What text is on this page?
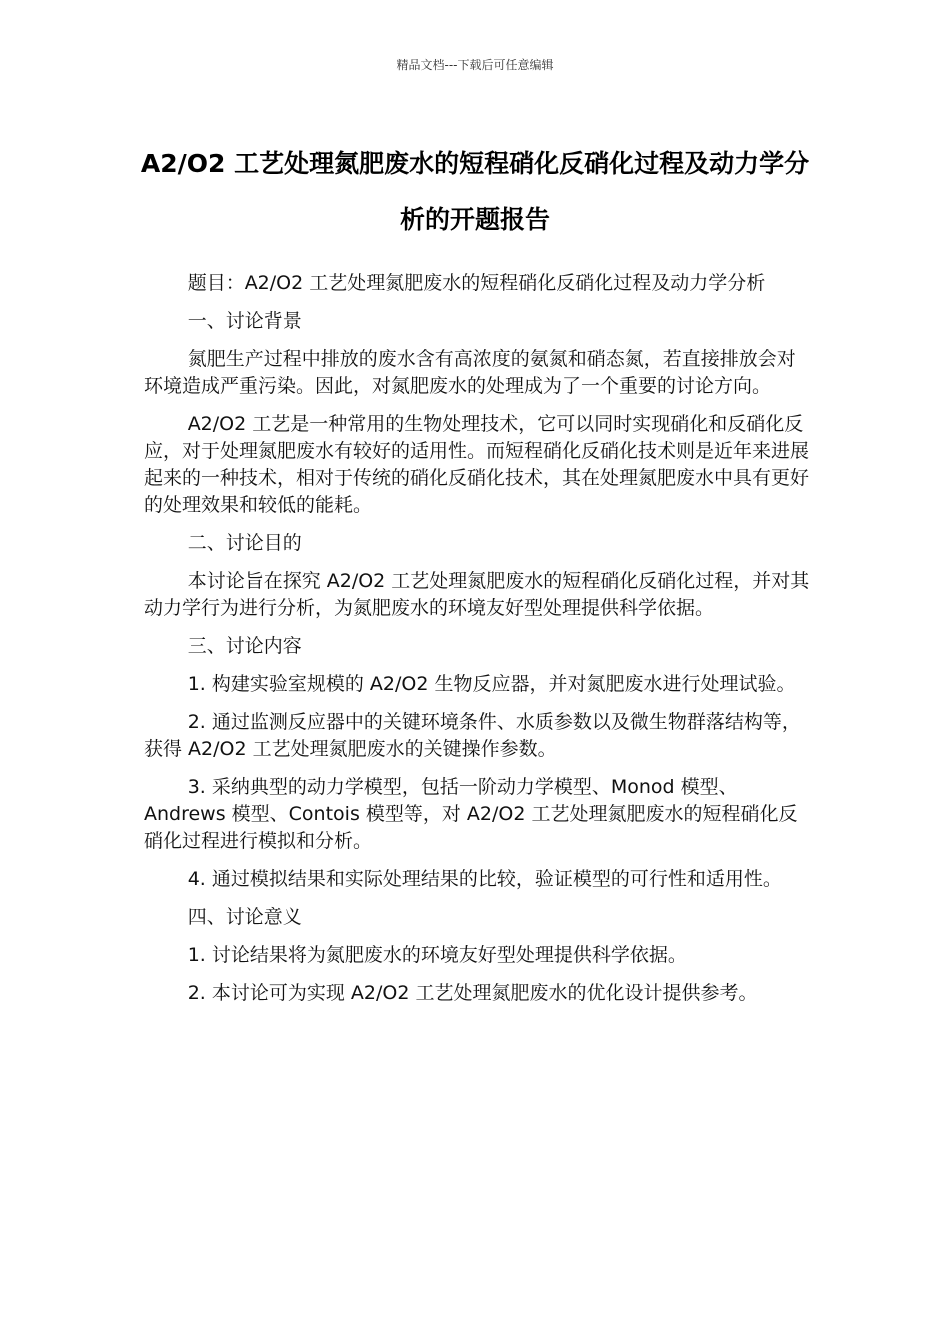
精品文档---下载后可任意编辑
A2/O2 工艺处理氮肥废水的短程硝化反硝化过程及动力学分析的开题报告

题目：A2/O2 工艺处理氮肥废水的短程硝化反硝化过程及动力学分析

一、讨论背景

氮肥生产过程中排放的废水含有高浓度的氨氮和硝态氮，若直接排放会对环境造成严重污染。因此，对氮肥废水的处理成为了一个重要的讨论方向。

A2/O2 工艺是一种常用的生物处理技术，它可以同时实现硝化和反硝化反应，对于处理氮肥废水有较好的适用性。而短程硝化反硝化技术则是近年来进展起来的一种技术，相对于传统的硝化反硝化技术，其在处理氮肥废水中具有更好的处理效果和较低的能耗。

二、讨论目的

本讨论旨在探究 A2/O2 工艺处理氮肥废水的短程硝化反硝化过程，并对其动力学行为进行分析，为氮肥废水的环境友好型处理提供科学依据。

三、讨论内容

1. 构建实验室规模的 A2/O2 生物反应器，并对氮肥废水进行处理试验。

2. 通过监测反应器中的关键环境条件、水质参数以及微生物群落结构等，获得 A2/O2 工艺处理氮肥废水的关键操作参数。

3. 采纳典型的动力学模型，包括一阶动力学模型、Monod 模型、Andrews 模型、Contois 模型等，对 A2/O2 工艺处理氮肥废水的短程硝化反硝化过程进行模拟和分析。

4. 通过模拟结果和实际处理结果的比较，验证模型的可行性和适用性。

四、讨论意义

1. 讨论结果将为氮肥废水的环境友好型处理提供科学依据。

2. 本讨论可为实现 A2/O2 工艺处理氮肥废水的优化设计提供参考。
